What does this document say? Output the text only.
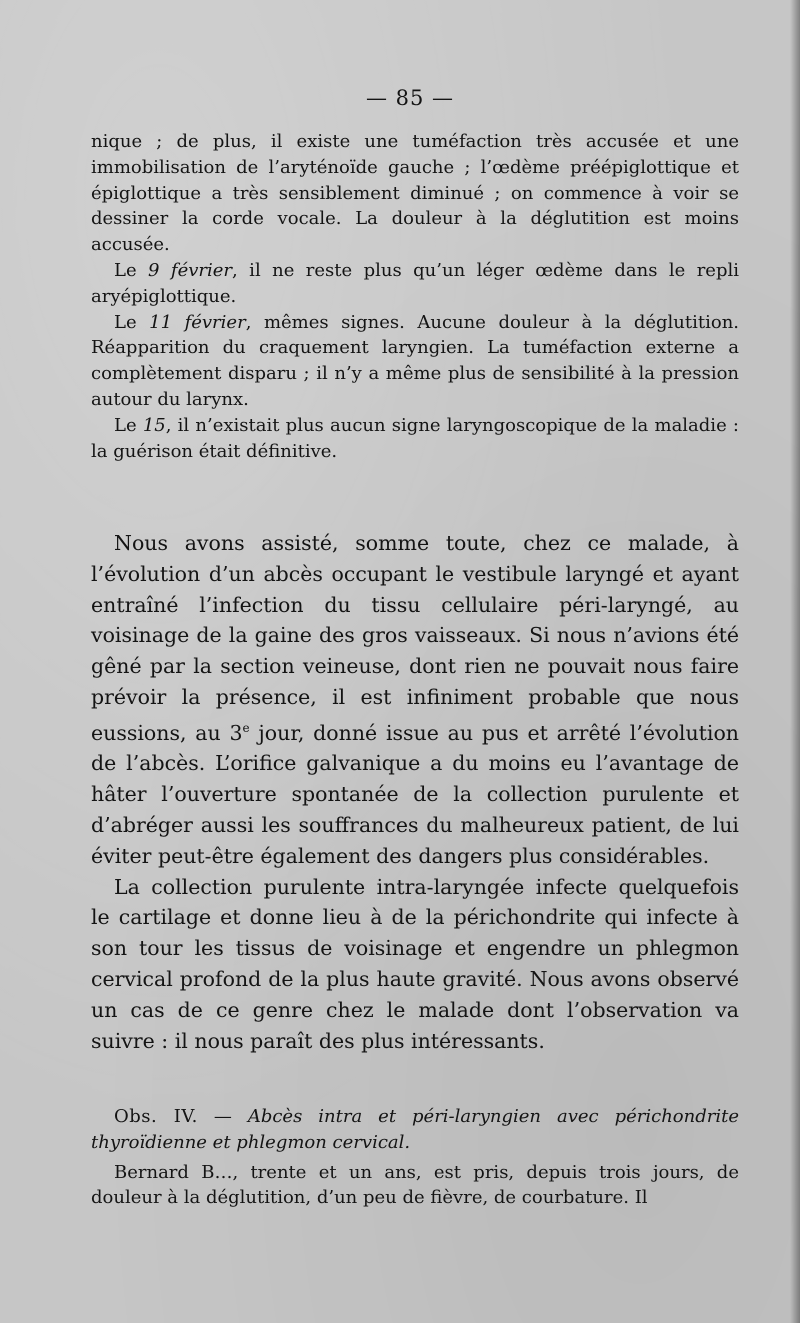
— 85 —

nique ; de plus, il existe une tuméfaction très accusée et une immobilisation de l’aryténoïde gauche ; l’œdème préépiglottique et épiglottique a très sensiblement diminué ; on commence à voir se dessiner la corde vocale. La douleur à la déglutition est moins accusée.

Le 9 février, il ne reste plus qu’un léger œdème dans le repli aryépiglottique.

Le 11 février, mêmes signes. Aucune douleur à la déglutition. Réapparition du craquement laryngien. La tuméfaction externe a complètement disparu ; il n’y a même plus de sensibilité à la pression autour du larynx.

Le 15, il n’existait plus aucun signe laryngoscopique de la maladie : la guérison était définitive.

Nous avons assisté, somme toute, chez ce malade, à l’évolution d’un abcès occupant le vestibule laryngé et ayant entraîné l’infection du tissu cellulaire péri-laryngé, au voisinage de la gaine des gros vaisseaux. Si nous n’avions été gêné par la section veineuse, dont rien ne pouvait nous faire prévoir la présence, il est infiniment probable que nous eussions, au 3e jour, donné issue au pus et arrêté l’évolution de l’abcès. L’orifice galvanique a du moins eu l’avantage de hâter l’ouverture spontanée de la collection purulente et d’abréger aussi les souffrances du malheureux patient, de lui éviter peut-être également des dangers plus considérables.

La collection purulente intra-laryngée infecte quelquefois le cartilage et donne lieu à de la périchondrite qui infecte à son tour les tissus de voisinage et engendre un phlegmon cervical profond de la plus haute gravité. Nous avons observé un cas de ce genre chez le malade dont l’observation va suivre : il nous paraît des plus intéressants.

Obs. IV. — Abcès intra et péri-laryngien avec périchondrite thyroïdienne et phlegmon cervical.

Bernard B…, trente et un ans, est pris, depuis trois jours, de douleur à la déglutition, d’un peu de fièvre, de courbature. Il
